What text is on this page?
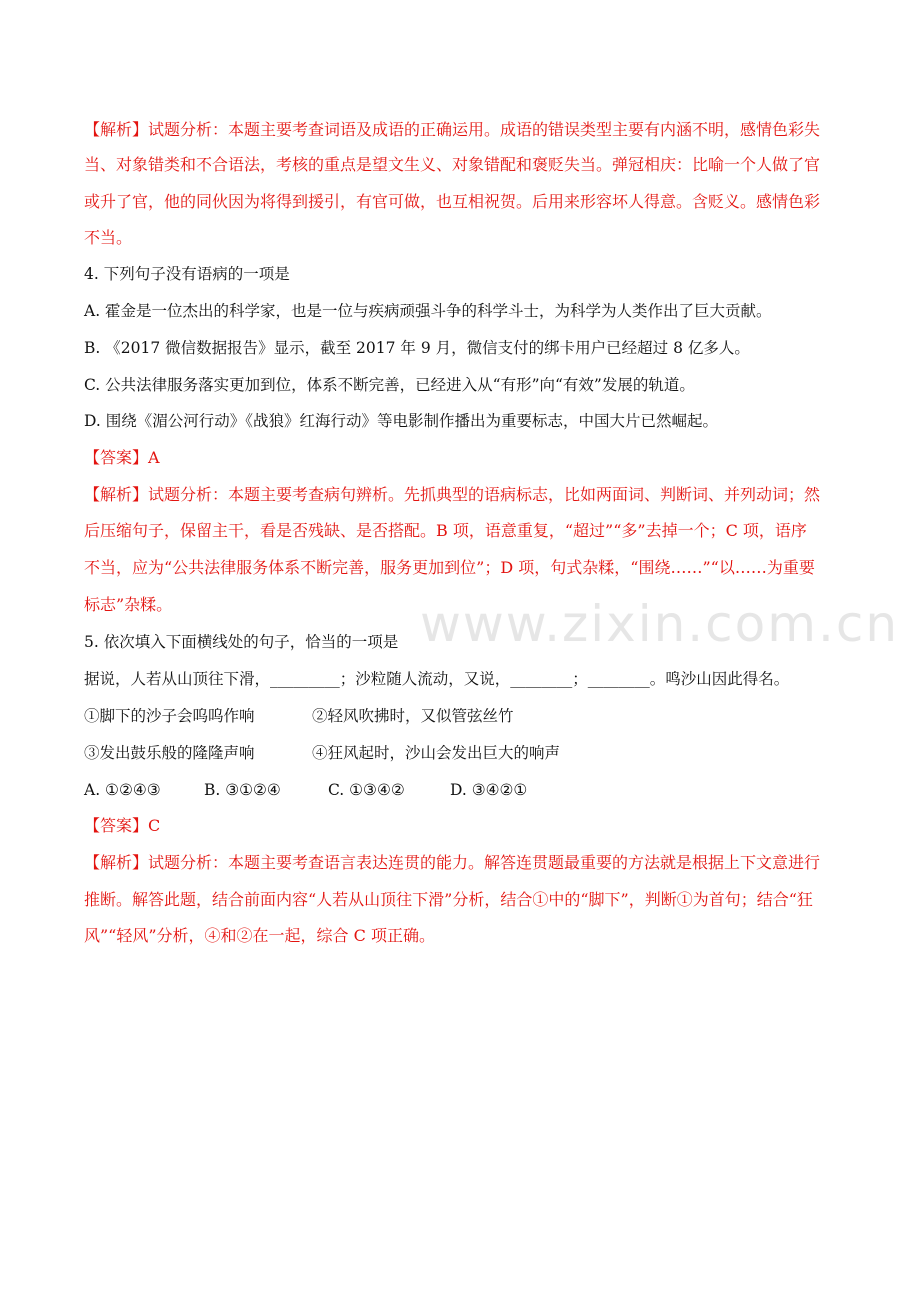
www.zixin.com.cn
【解析】试题分析：本题主要考查词语及成语的正确运用。成语的错误类型主要有内涵不明，感情色彩失
当、对象错类和不合语法，考核的重点是望文生义、对象错配和褒贬失当。弹冠相庆：比喻一个人做了官
或升了官，他的同伙因为将得到援引，有官可做，也互相祝贺。后用来形容坏人得意。含贬义。感情色彩
不当。
4. 下列句子没有语病的一项是
A. 霍金是一位杰出的科学家，也是一位与疾病顽强斗争的科学斗士，为科学为人类作出了巨大贡献。
B. 《2017 微信数据报告》显示，截至 2017 年 9 月，微信支付的绑卡用户已经超过 8 亿多人。
C. 公共法律服务落实更加到位，体系不断完善，已经进入从“有形”向“有效”发展的轨道。
D. 围绕《湄公河行动》《战狼》红海行动》等电影制作播出为重要标志，中国大片已然崛起。
【答案】A
【解析】试题分析：本题主要考查病句辨析。先抓典型的语病标志，比如两面词、判断词、并列动词；然
后压缩句子，保留主干，看是否残缺、是否搭配。B 项，语意重复，“超过”“多”去掉一个；C 项，语序
不当，应为“公共法律服务体系不断完善，服务更加到位”；D 项，句式杂糅，“围绕……”“以……为重要
标志”杂糅。
5. 依次填入下面横线处的句子，恰当的一项是
据说，人若从山顶往下滑，_________；沙粒随人流动，又说，________；________。鸣沙山因此得名。
①脚下的沙子会呜呜作响	②轻风吹拂时，又似管弦丝竹
③发出鼓乐般的隆隆声响	④狂风起时，沙山会发出巨大的响声
A. ①②④③	B. ③①②④	C. ①③④②	D. ③④②①
【答案】C
【解析】试题分析：本题主要考查语言表达连贯的能力。解答连贯题最重要的方法就是根据上下文意进行
推断。解答此题，结合前面内容“人若从山顶往下滑”分析，结合①中的“脚下”，判断①为首句；结合“狂
风”“轻风”分析，④和②在一起，综合 C 项正确。
